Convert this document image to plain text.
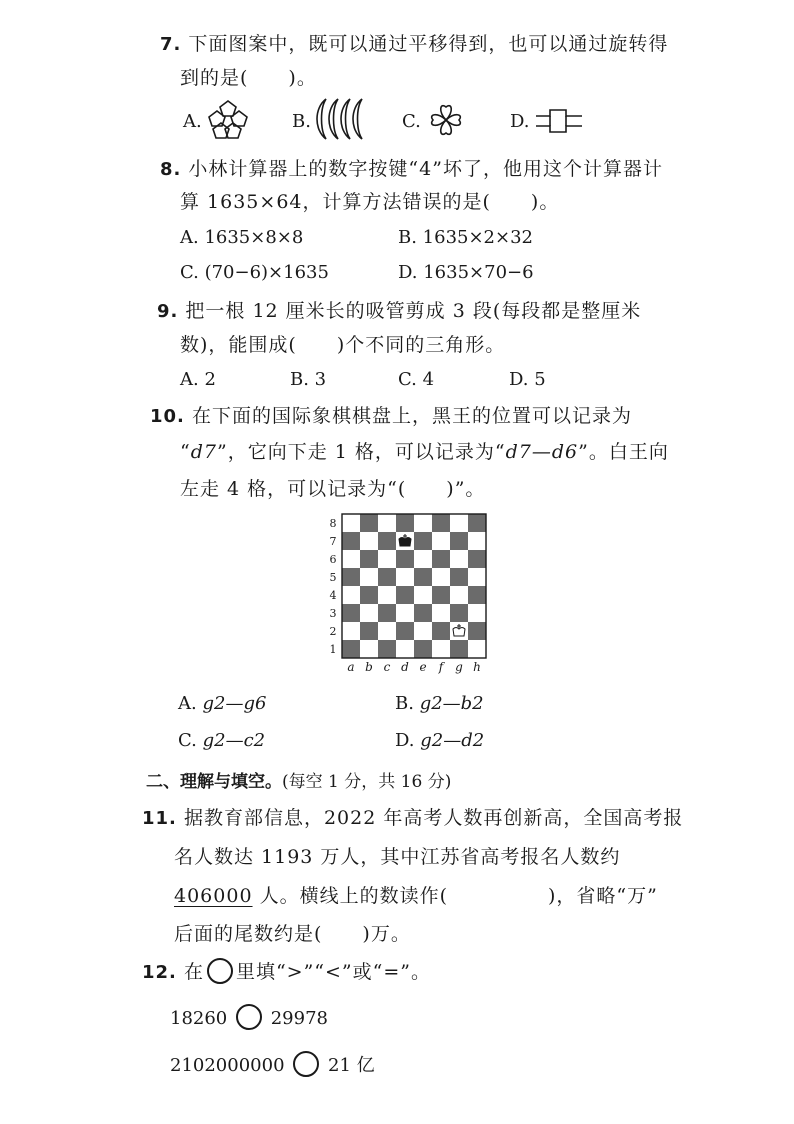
7. 下面图案中，既可以通过平移得到，也可以通过旋转得
到的是(　　)。
A.	B.	C.	D.
8. 小林计算器上的数字按键“4”坏了，他用这个计算器计
算 1635×64，计算方法错误的是(　　)。
A. 1635×8×8	B. 1635×2×32
C. (70−6)×1635	D. 1635×70−6
9. 把一根 12 厘米长的吸管剪成 3 段(每段都是整厘米
数)，能围成(　　)个不同的三角形。
A. 2	B. 3	C. 4	D. 5
10. 在下面的国际象棋棋盘上，黑王的位置可以记录为
“d7”，它向下走 1 格，可以记录为“d7—d6”。白王向
左走 4 格，可以记录为“(　　)”。
8
7
6
5
4
3
2
1
a b c d e f g h
A. g2—g6	B. g2—b2
C. g2—c2	D. g2—d2
二、理解与填空。(每空 1 分，共 16 分)
11. 据教育部信息，2022 年高考人数再创新高，全国高考报
名人数达 1193 万人，其中江苏省高考报名人数约
406000 人。横线上的数读作(　　　　　)，省略“万”
后面的尾数约是(　　)万。
12. 在 里填“>”“<”或“=”。
18260 29978
2102000000 21 亿
